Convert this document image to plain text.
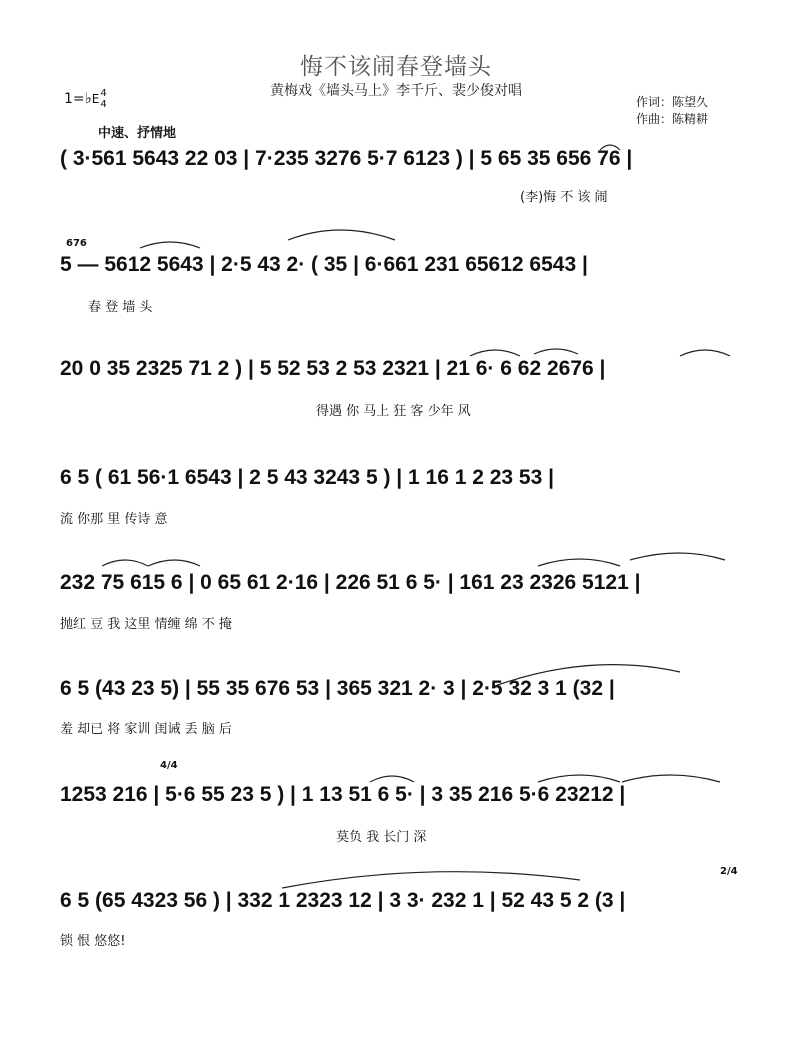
悔不该闹春登墙头
黄梅戏《墙头马上》李千斤、裴少俊对唱
1=♭E4
4
中速、抒情地
作词：陈望久
作曲：陈精耕
( 3·561 5643 22 03 | 7·235 3276 5·7 6123 ) | 5 65 35 656 76 |
(李)悔 不 该 闹
676
5 — 5612 5643 | 2·5 43 2· ( 35 | 6·661 231 65612 6543 |
春 登 墙 头
20 0 35 2325 71 2 ) | 5 52 53 2 53 2321 | 21 6· 6 62 2676 |
得遇 你 马上 狂 客 少年 风
6 5 ( 61 56·1 6543 | 2 5 43 3243 5 ) | 1 16 1 2 23 53 |
流 你那 里 传诗 意
232 75 615 6 | 0 65 61 2·16 | 226 51 6 5· | 161 23 2326 5121 |
抛红 豆 我 这里 情缠 绵 不 掩
6 5 (43 23 5) | 55 35 676 53 | 365 321 2· 3 | 2·5 32 3 1 (32 |
羞 却已 将 家训 闺诫 丢 脑 后
4/4
1253 216 | 5·6 55 23 5 ) | 1 13 51 6 5· | 3 35 216 5·6 23212 |
莫负 我 长门 深
2/4
6 5 (65 4323 56 ) | 332 1 2323 12 | 3 3· 232 1 | 52 43 5 2 (3 |
锁 恨 悠悠!
